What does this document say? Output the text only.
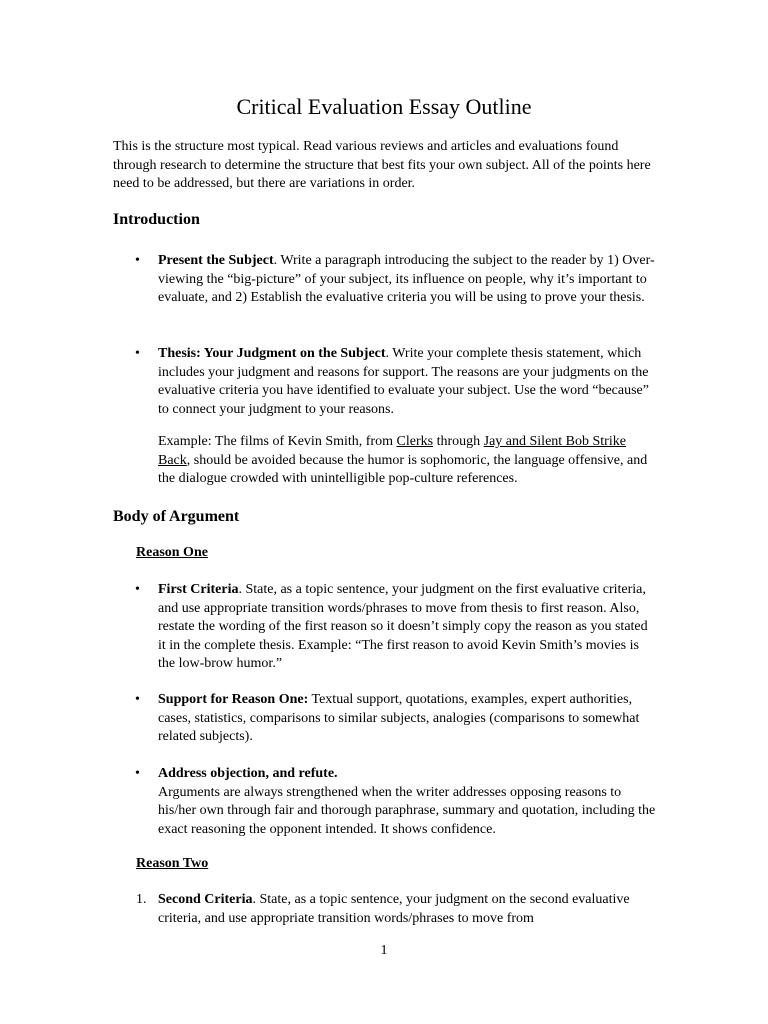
Critical Evaluation Essay Outline
This is the structure most typical. Read various reviews and articles and evaluations found through research to determine the structure that best fits your own subject. All of the points here need to be addressed, but there are variations in order.
Introduction
• Present the Subject. Write a paragraph introducing the subject to the reader by 1) Over-viewing the “big-picture” of your subject, its influence on people, why it’s important to evaluate, and 2) Establish the evaluative criteria you will be using to prove your thesis.
• Thesis: Your Judgment on the Subject. Write your complete thesis statement, which includes your judgment and reasons for support. The reasons are your judgments on the evaluative criteria you have identified to evaluate your subject. Use the word “because” to connect your judgment to your reasons.
Example: The films of Kevin Smith, from Clerks through Jay and Silent Bob Strike Back, should be avoided because the humor is sophomoric, the language offensive, and the dialogue crowded with unintelligible pop-culture references.
Body of Argument
Reason One
• First Criteria. State, as a topic sentence, your judgment on the first evaluative criteria, and use appropriate transition words/phrases to move from thesis to first reason. Also, restate the wording of the first reason so it doesn’t simply copy the reason as you stated it in the complete thesis. Example: “The first reason to avoid Kevin Smith’s movies is the low-brow humor.”
• Support for Reason One: Textual support, quotations, examples, expert authorities, cases, statistics, comparisons to similar subjects, analogies (comparisons to somewhat related subjects).
• Address objection, and refute.
Arguments are always strengthened when the writer addresses opposing reasons to his/her own through fair and thorough paraphrase, summary and quotation, including the exact reasoning the opponent intended. It shows confidence.
Reason Two
1. Second Criteria. State, as a topic sentence, your judgment on the second evaluative criteria, and use appropriate transition words/phrases to move from
1
